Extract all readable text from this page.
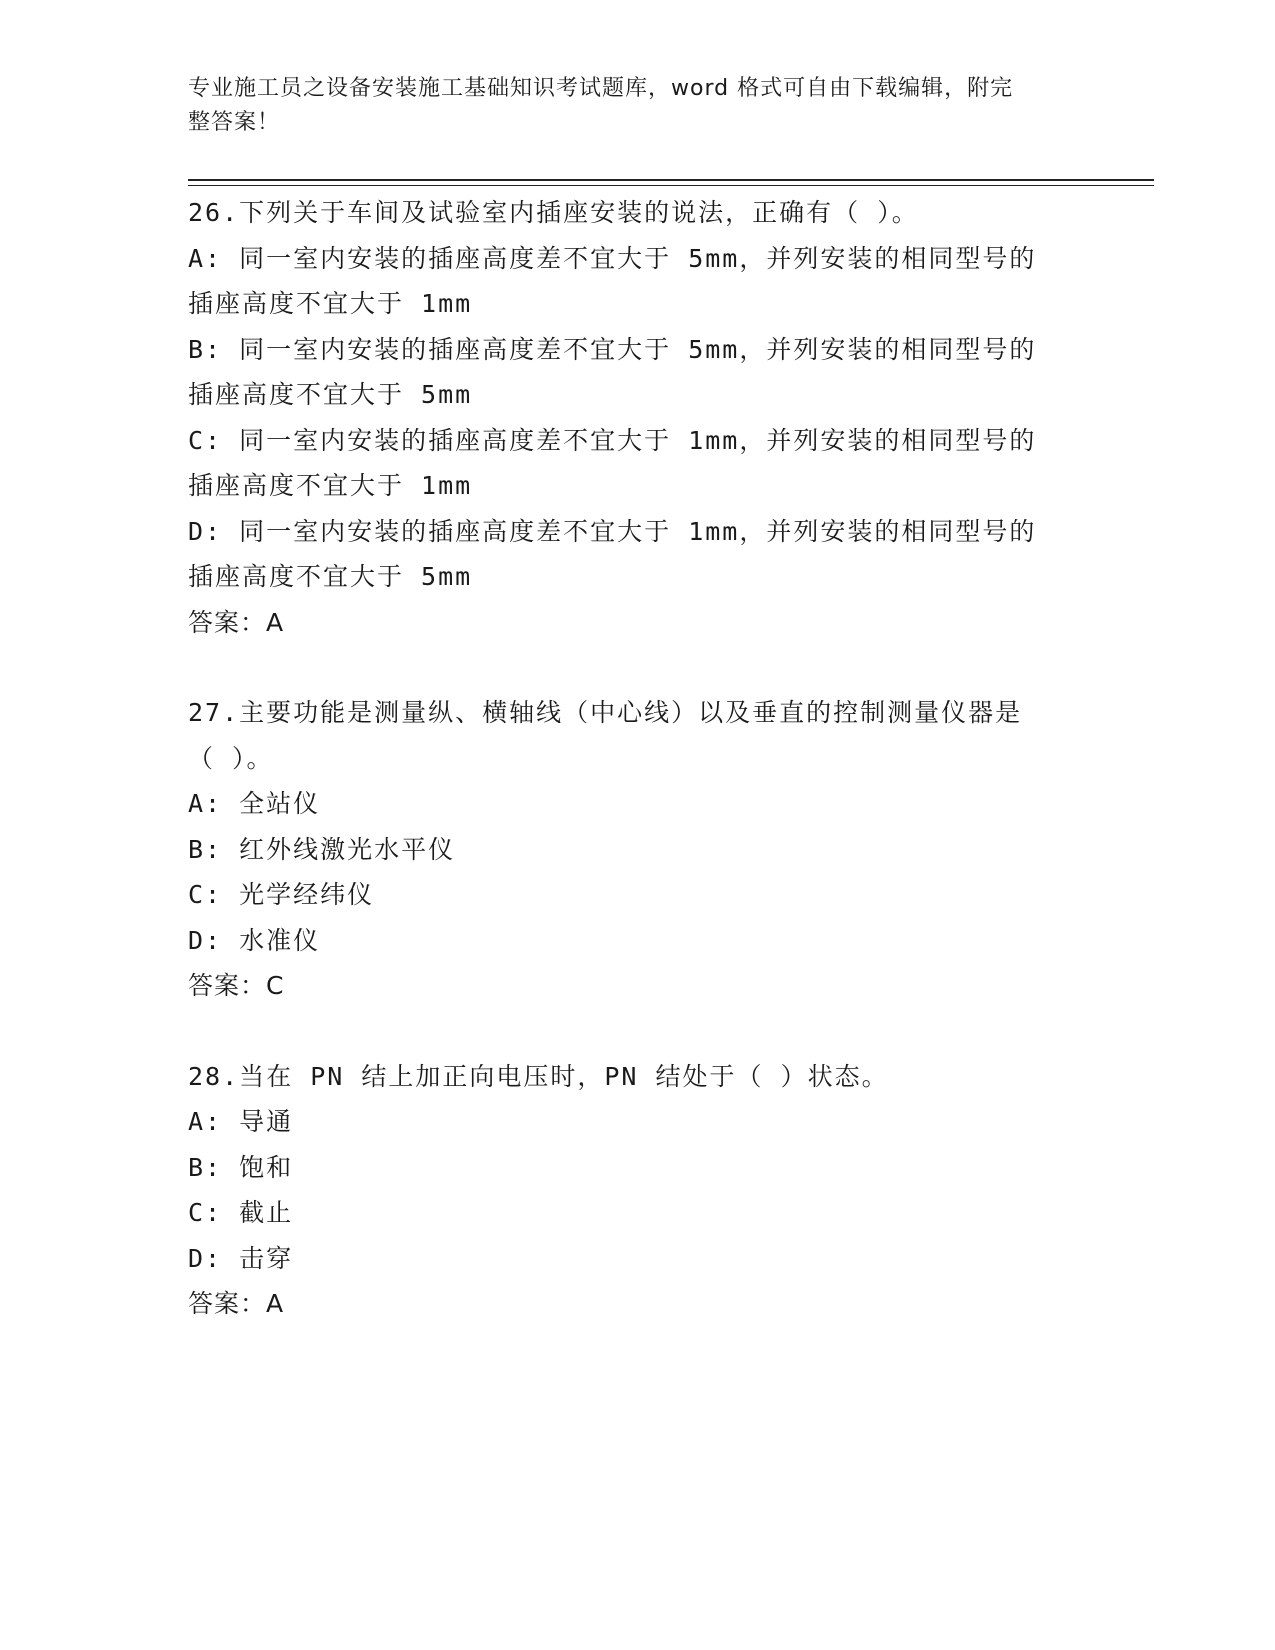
专业施工员之设备安装施工基础知识考试题库，word 格式可自由下载编辑，附完
整答案！
26.下列关于车间及试验室内插座安装的说法，正确有（ ）。
A: 同一室内安装的插座高度差不宜大于 5mm，并列安装的相同型号的
插座高度不宜大于 1mm
B: 同一室内安装的插座高度差不宜大于 5mm，并列安装的相同型号的
插座高度不宜大于 5mm
C: 同一室内安装的插座高度差不宜大于 1mm，并列安装的相同型号的
插座高度不宜大于 1mm
D: 同一室内安装的插座高度差不宜大于 1mm，并列安装的相同型号的
插座高度不宜大于 5mm
答案：A
27.主要功能是测量纵、横轴线（中心线）以及垂直的控制测量仪器是
（ ）。
A: 全站仪
B: 红外线激光水平仪
C: 光学经纬仪
D: 水准仪
答案：C
28.当在 PN 结上加正向电压时，PN 结处于（ ）状态。
A: 导通
B: 饱和
C: 截止
D: 击穿
答案：A
